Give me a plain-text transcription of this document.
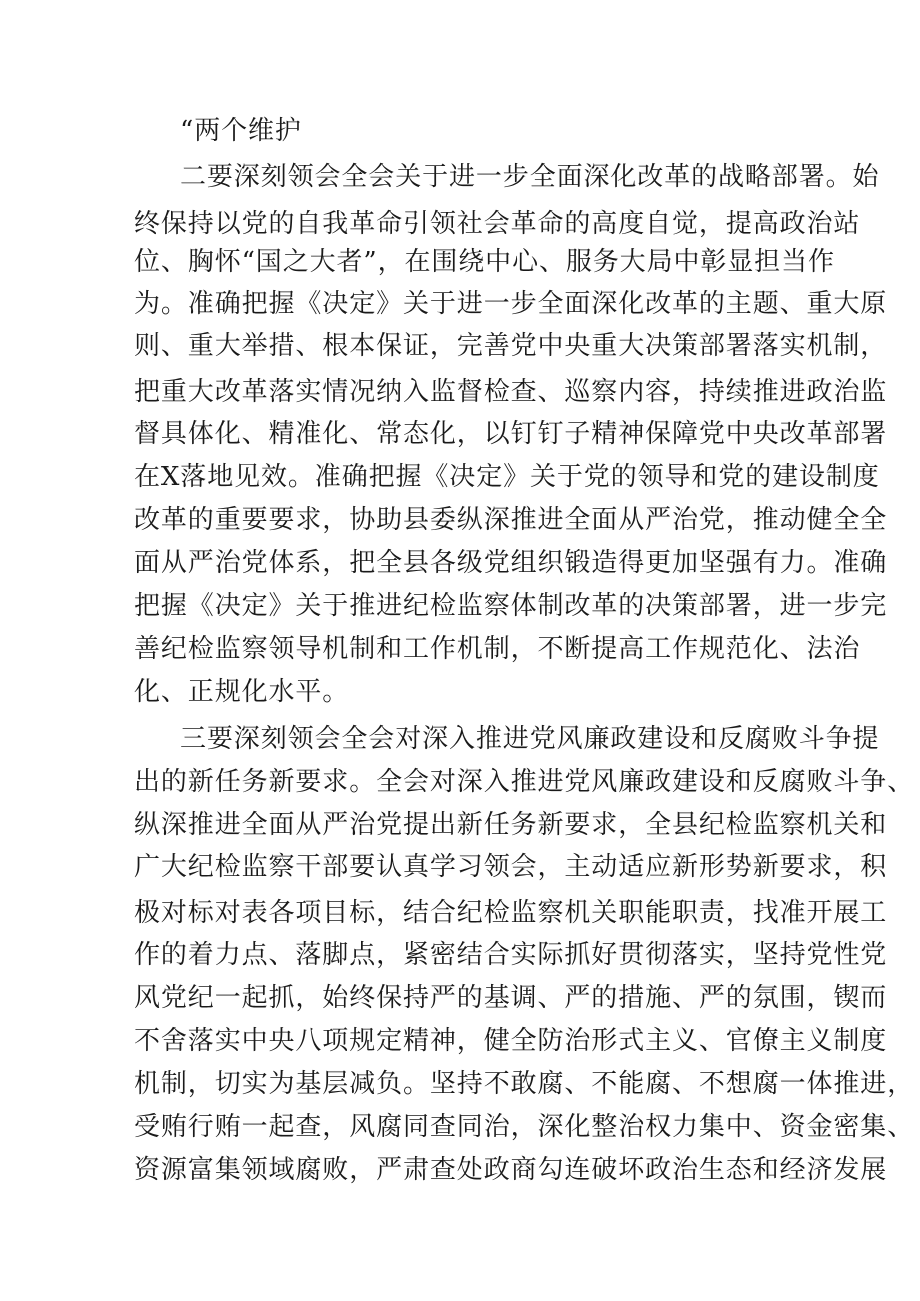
“两个维护
二要深刻领会全会关于进一步全面深化改革的战略部署。始
终保持以党的自我革命引领社会革命的高度自觉，提高政治站
位、胸怀“国之大者”，在围绕中心、服务大局中彰显担当作
为。准确把握《决定》关于进一步全面深化改革的主题、重大原
则、重大举措、根本保证，完善党中央重大决策部署落实机制，
把重大改革落实情况纳入监督检查、巡察内容，持续推进政治监
督具体化、精准化、常态化，以钉钉子精神保障党中央改革部署
在X落地见效。准确把握《决定》关于党的领导和党的建设制度
改革的重要要求，协助县委纵深推进全面从严治党，推动健全全
面从严治党体系，把全县各级党组织锻造得更加坚强有力。准确
把握《决定》关于推进纪检监察体制改革的决策部署，进一步完
善纪检监察领导机制和工作机制，不断提高工作规范化、法治
化、正规化水平。
三要深刻领会全会对深入推进党风廉政建设和反腐败斗争提
出的新任务新要求。全会对深入推进党风廉政建设和反腐败斗争、
纵深推进全面从严治党提出新任务新要求，全县纪检监察机关和
广大纪检监察干部要认真学习领会，主动适应新形势新要求，积
极对标对表各项目标，结合纪检监察机关职能职责，找准开展工
作的着力点、落脚点，紧密结合实际抓好贯彻落实，坚持党性党
风党纪一起抓，始终保持严的基调、严的措施、严的氛围，锲而
不舍落实中央八项规定精神，健全防治形式主义、官僚主义制度
机制，切实为基层减负。坚持不敢腐、不能腐、不想腐一体推进，
受贿行贿一起查，风腐同查同治，深化整治权力集中、资金密集、
资源富集领域腐败，严肃查处政商勾连破坏政治生态和经济发展
